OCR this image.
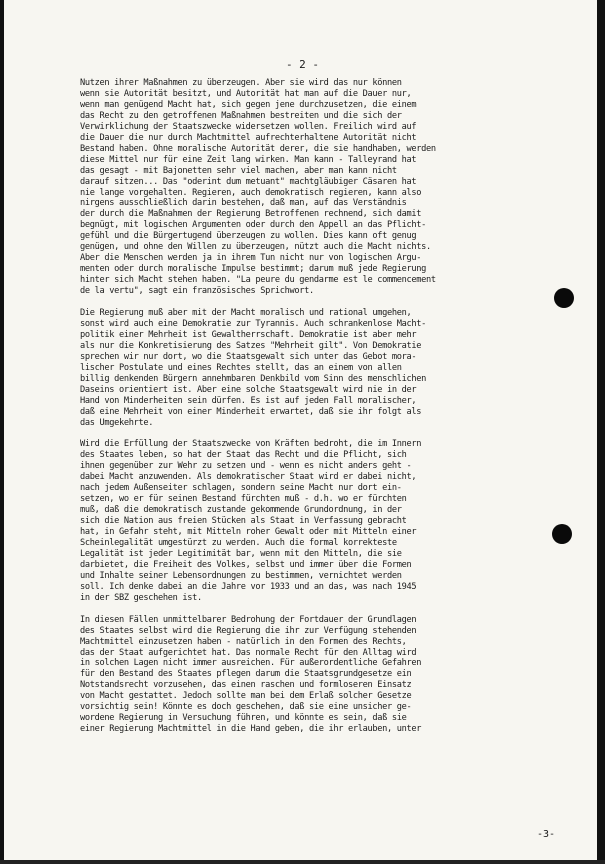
- 2 -
Nutzen ihrer Maßnahmen zu überzeugen. Aber sie wird das nur können
wenn sie Autorität besitzt, und Autorität hat man auf die Dauer nur,
wenn man genügend Macht hat, sich gegen jene durchzusetzen, die einem
das Recht zu den getroffenen Maßnahmen bestreiten und die sich der
Verwirklichung der Staatszwecke widersetzen wollen. Freilich wird auf
die Dauer die nur durch Machtmittel aufrechterhaltene Autorität nicht
Bestand haben. Ohne moralische Autorität derer, die sie handhaben, werden
diese Mittel nur für eine Zeit lang wirken. Man kann - Talleyrand hat
das gesagt - mit Bajonetten sehr viel machen, aber man kann nicht
darauf sitzen... Das "oderint dum metuant" machtgläubiger Cäsaren hat
nie lange vorgehalten. Regieren, auch demokratisch regieren, kann also
nirgens ausschließlich darin bestehen, daß man, auf das Verständnis
der durch die Maßnahmen der Regierung Betroffenen rechnend, sich damit
begnügt, mit logischen Argumenten oder durch den Appell an das Pflicht-
gefühl und die Bürgertugend überzeugen zu wollen. Dies kann oft genug
genügen, und ohne den Willen zu überzeugen, nützt auch die Macht nichts.
Aber die Menschen werden ja in ihrem Tun nicht nur von logischen Argu-
menten oder durch moralische Impulse bestimmt; darum muß jede Regierung
hinter sich Macht stehen haben. "La peure du gendarme est le commencement
de la vertu", sagt ein französisches Sprichwort.
Die Regierung muß aber mit der Macht moralisch und rational umgehen,
sonst wird auch eine Demokratie zur Tyrannis. Auch schrankenlose Macht-
politik einer Mehrheit ist Gewaltherrschaft. Demokratie ist aber mehr
als nur die Konkretisierung des Satzes "Mehrheit gilt". Von Demokratie
sprechen wir nur dort, wo die Staatsgewalt sich unter das Gebot mora-
lischer Postulate und eines Rechtes stellt, das an einem von allen
billig denkenden Bürgern annehmbaren Denkbild vom Sinn des menschlichen
Daseins orientiert ist. Aber eine solche Staatsgewalt wird nie in der
Hand von Minderheiten sein dürfen. Es ist auf jeden Fall moralischer,
daß eine Mehrheit von einer Minderheit erwartet, daß sie ihr folgt als
das Umgekehrte.
Wird die Erfüllung der Staatszwecke von Kräften bedroht, die im Innern
des Staates leben, so hat der Staat das Recht und die Pflicht, sich
ihnen gegenüber zur Wehr zu setzen und - wenn es nicht anders geht -
dabei Macht anzuwenden. Als demokratischer Staat wird er dabei nicht,
nach jedem Außenseiter schlagen, sondern seine Macht nur dort ein-
setzen, wo er für seinen Bestand fürchten muß - d.h. wo er fürchten
muß, daß die demokratisch zustande gekommende Grundordnung, in der
sich die Nation aus freien Stücken als Staat in Verfassung gebracht
hat, in Gefahr steht, mit Mitteln roher Gewalt oder mit Mitteln einer
Scheinlegalität umgestürzt zu werden. Auch die formal korrekteste
Legalität ist jeder Legitimität bar, wenn mit den Mitteln, die sie
darbietet, die Freiheit des Volkes, selbst und immer über die Formen
und Inhalte seiner Lebensordnungen zu bestimmen, vernichtet werden
soll. Ich denke dabei an die Jahre vor 1933 und an das, was nach 1945
in der SBZ geschehen ist.
In diesen Fällen unmittelbarer Bedrohung der Fortdauer der Grundlagen
des Staates selbst wird die Regierung die ihr zur Verfügung stehenden
Machtmittel einzusetzen haben - natürlich in den Formen des Rechts,
das der Staat aufgerichtet hat. Das normale Recht für den Alltag wird
in solchen Lagen nicht immer ausreichen. Für außerordentliche Gefahren
für den Bestand des Staates pflegen darum die Staatsgrundgesetze ein
Notstandsrecht vorzusehen, das einen raschen und formloseren Einsatz
von Macht gestattet. Jedoch sollte man bei dem Erlaß solcher Gesetze
vorsichtig sein! Könnte es doch geschehen, daß sie eine unsicher ge-
wordene Regierung in Versuchung führen, und könnte es sein, daß sie
einer Regierung Machtmittel in die Hand geben, die ihr erlauben, unter
-3-
